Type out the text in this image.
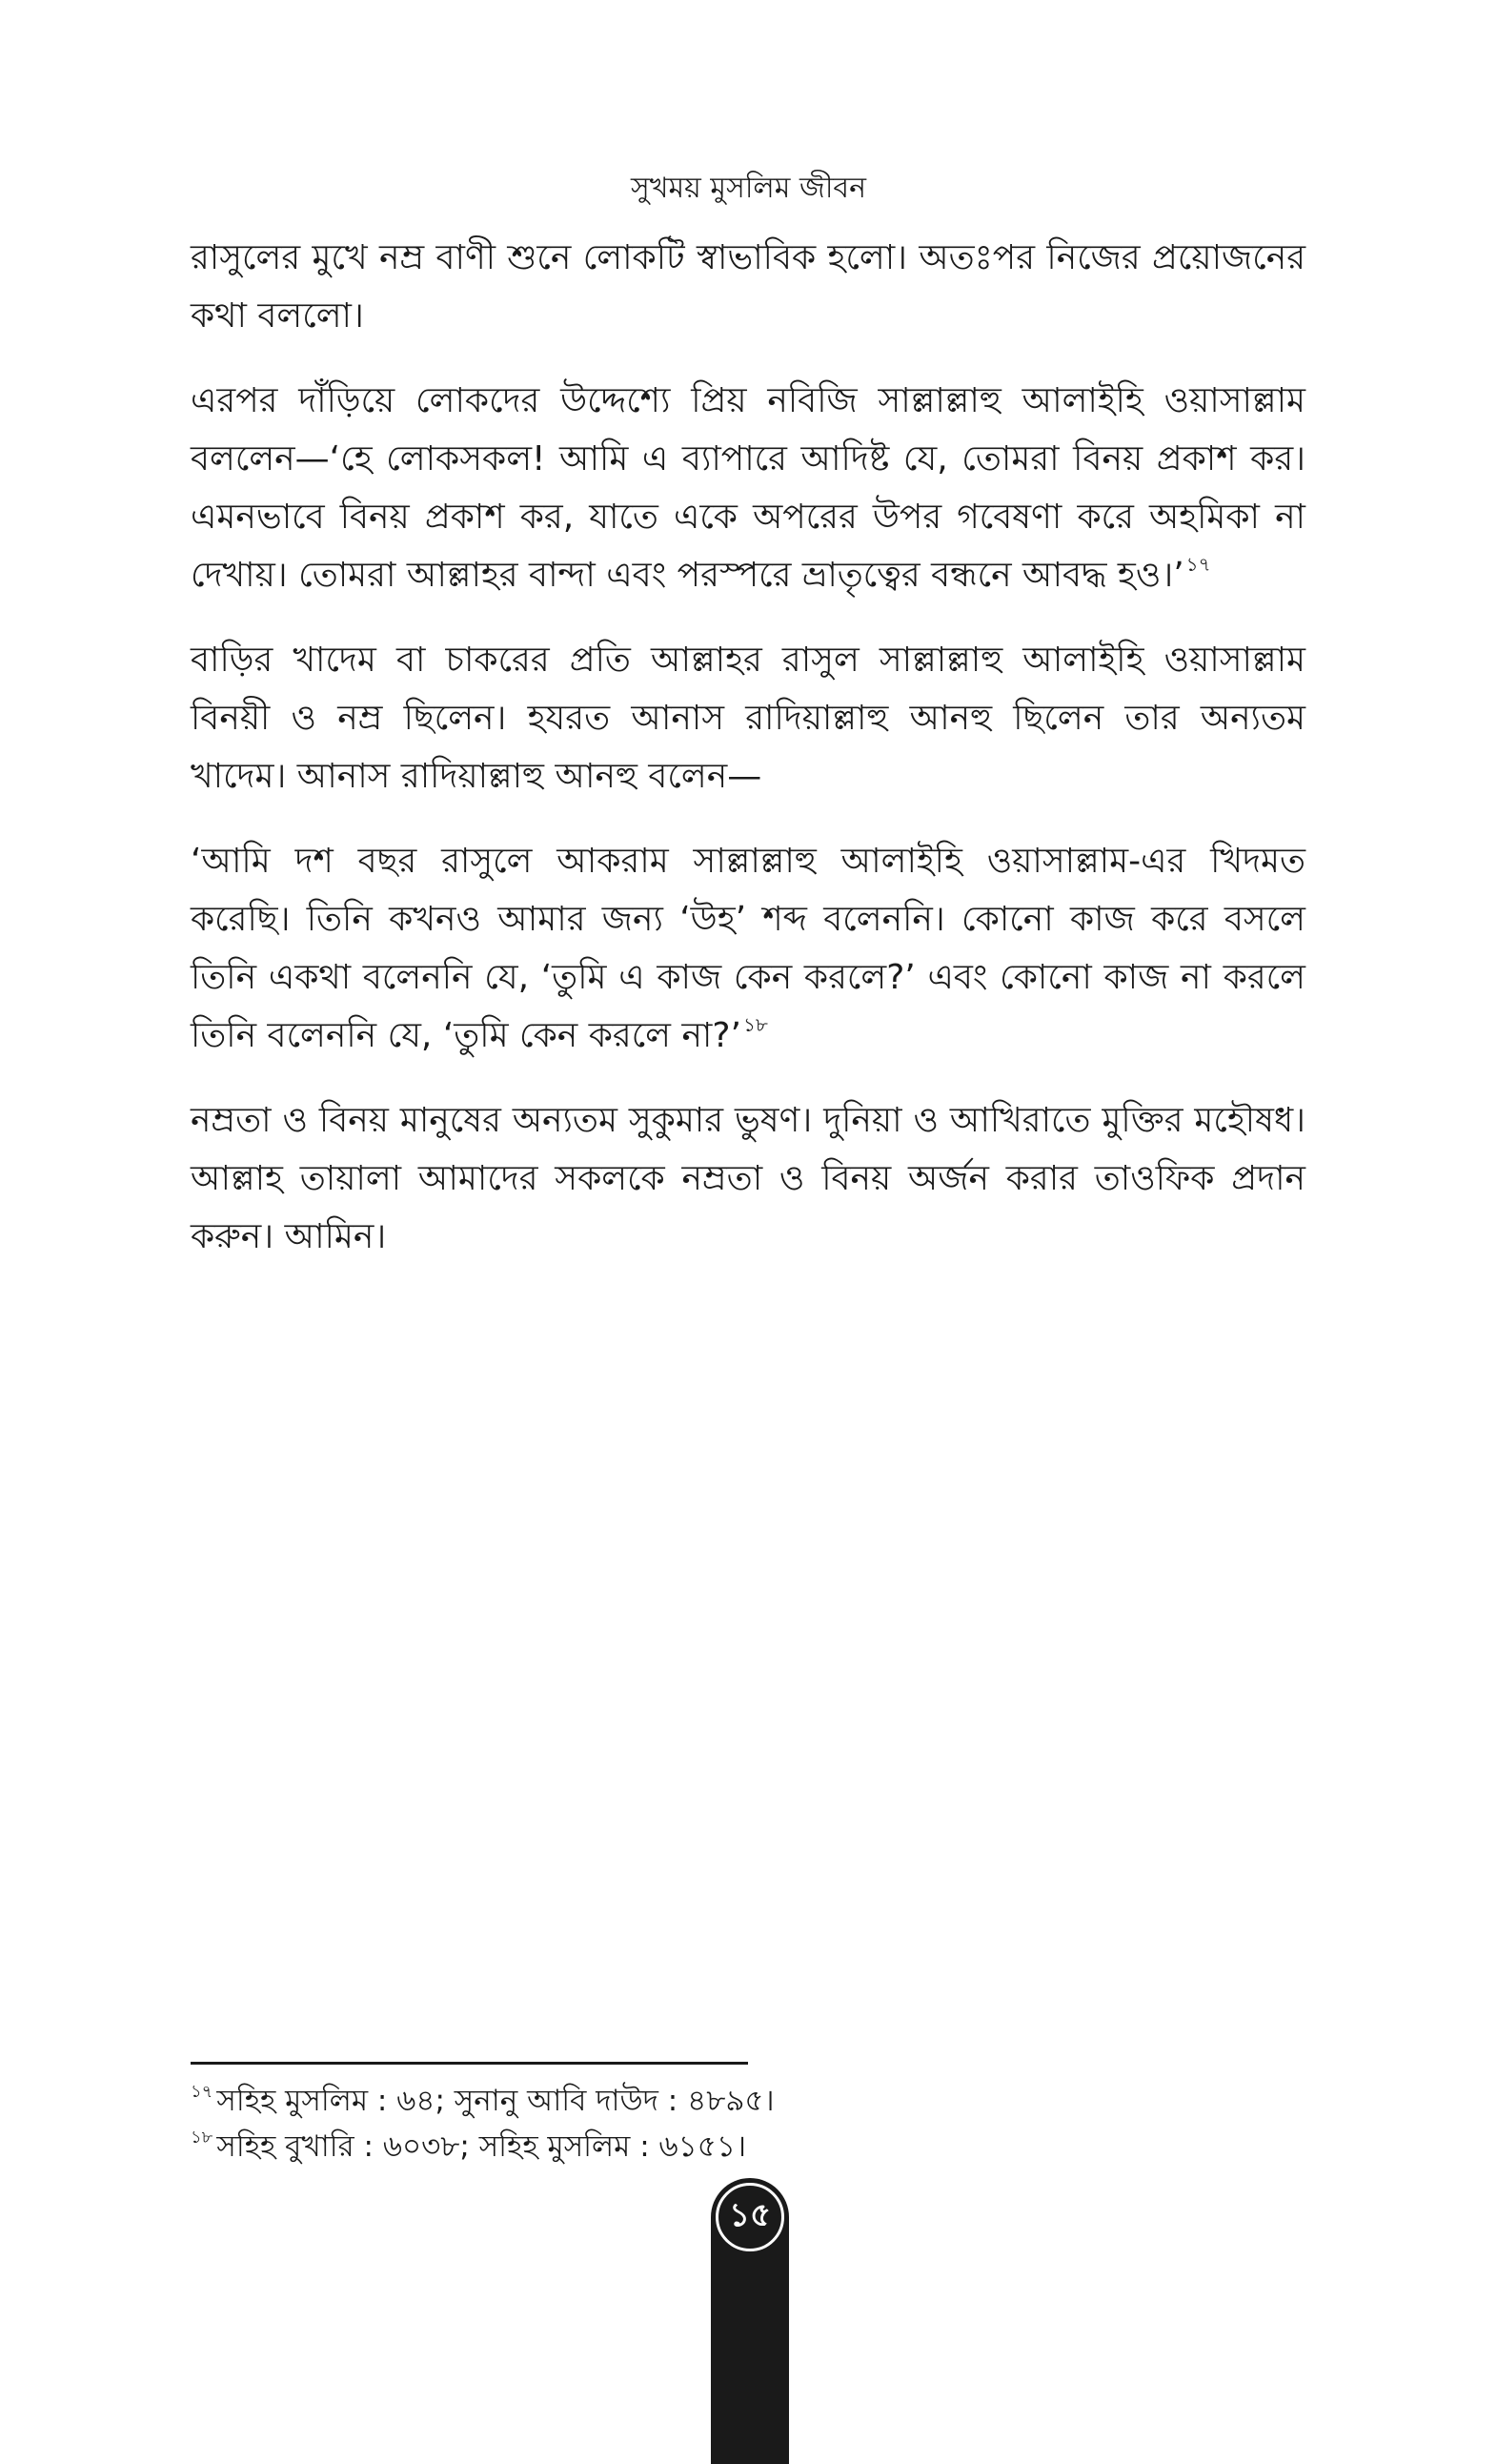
সুখময় মুসলিম জীবন

রাসুলের মুখে নম্র বাণী শুনে লোকটি স্বাভাবিক হলো। অতঃপর নিজের প্রয়োজনের কথা বললো।

এরপর দাঁড়িয়ে লোকদের উদ্দেশ্যে প্রিয় নবিজি সাল্লাল্লাহু আলাইহি ওয়াসাল্লাম বললেন—‘হে লোকসকল! আমি এ ব্যাপারে আদিষ্ট যে, তোমরা বিনয় প্রকাশ কর। এমনভাবে বিনয় প্রকাশ কর, যাতে একে অপরের উপর গবেষণা করে অহমিকা না দেখায়। তোমরা আল্লাহর বান্দা এবং পরস্পরে ভ্রাতৃত্বের বন্ধনে আবদ্ধ হও।’ $^{১৭}$

বাড়ির খাদেম বা চাকরের প্রতি আল্লাহর রাসুল সাল্লাল্লাহু আলাইহি ওয়াসাল্লাম বিনয়ী ও নম্র ছিলেন। হযরত আনাস রাদিয়াল্লাহু আনহু ছিলেন তার অন্যতম খাদেম। আনাস রাদিয়াল্লাহু আনহু বলেন—

‘আমি দশ বছর রাসুলে আকরাম সাল্লাল্লাহু আলাইহি ওয়াসাল্লাম-এর খিদমত করেছি। তিনি কখনও আমার জন্য ‘উহ’ শব্দ বলেননি। কোনো কাজ করে বসলে তিনি একথা বলেননি যে, ‘তুমি এ কাজ কেন করলে?’ এবং কোনো কাজ না করলে তিনি বলেননি যে, ‘তুমি কেন করলে না?’ $^{১৮}$

নম্রতা ও বিনয় মানুষের অন্যতম সুকুমার ভুষণ। দুনিয়া ও আখিরাতে মুক্তির মহৌষধ। আল্লাহ তায়ালা আমাদের সকলকে নম্রতা ও বিনয় অর্জন করার তাওফিক প্রদান করুন। আমিন।

$^{১৭}$ সহিহ মুসলিম : ৬৪; সুনানু আবি দাউদ : ৪৮৯৫।

$^{১৮}$ সহিহ বুখারি : ৬০৩৮; সহিহ মুসলিম : ৬১৫১।

১৫
